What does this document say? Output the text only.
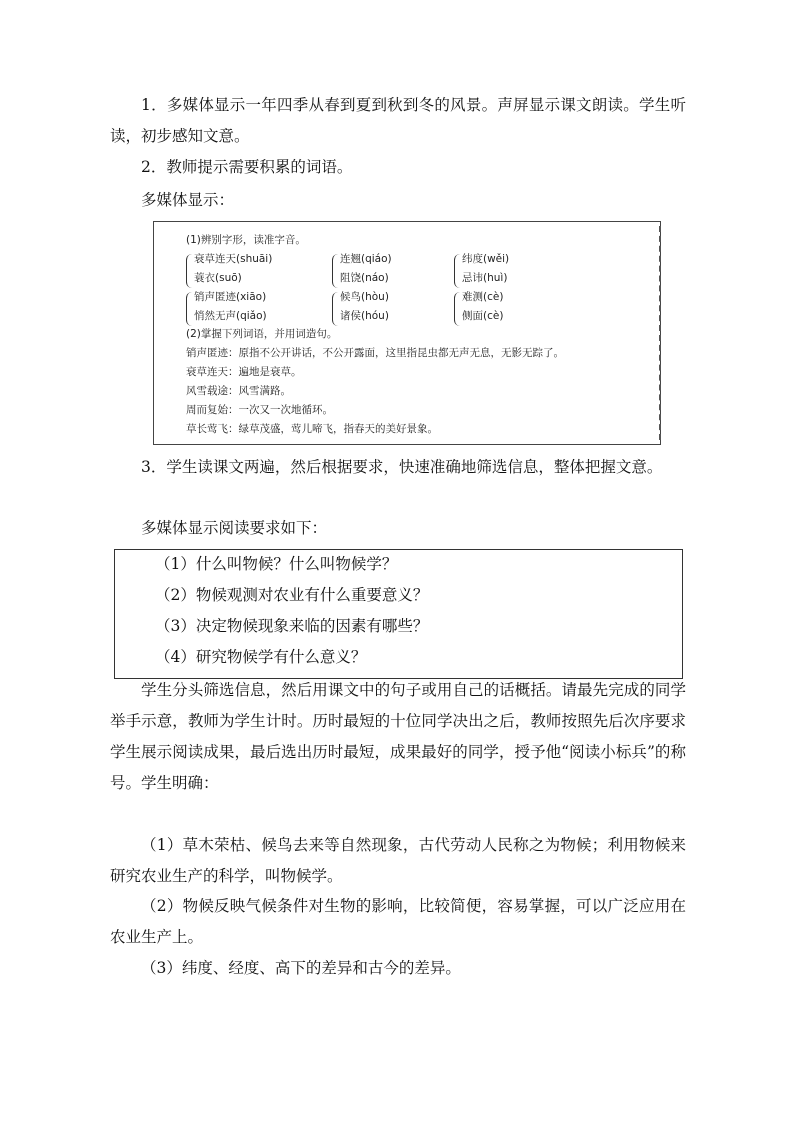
1．多媒体显示一年四季从春到夏到秋到冬的风景。声屏显示课文朗读。学生听读，初步感知文意。

2．教师提示需要积累的词语。

多媒体显示：

(1)辨别字形，读准字音。
衰草连天(shuāi)
蓑衣(suō)
连翘(qiáo)
阻饶(náo)
纬度(wěi)
忌讳(huì)
销声匿迹(xiāo)
悄然无声(qiǎo)
候鸟(hòu)
诸侯(hóu)
难测(cè)
侧面(cè)
(2)掌握下列词语，并用词造句。
销声匿迹：原指不公开讲话，不公开露面，这里指昆虫都无声无息，无影无踪了。
衰草连天：遍地是衰草。
风雪载途：风雪满路。
周而复始：一次又一次地循环。
草长莺飞：绿草茂盛，莺儿啼飞，指春天的美好景象。

3．学生读课文两遍，然后根据要求，快速准确地筛选信息，整体把握文意。

多媒体显示阅读要求如下：

（1）什么叫物候？什么叫物候学？
（2）物候观测对农业有什么重要意义？
（3）决定物候现象来临的因素有哪些？
（4）研究物候学有什么意义？

学生分头筛选信息，然后用课文中的句子或用自己的话概括。请最先完成的同学举手示意，教师为学生计时。历时最短的十位同学决出之后，教师按照先后次序要求学生展示阅读成果，最后选出历时最短，成果最好的同学，授予他“阅读小标兵”的称号。 学生明确：

（1）草木荣枯、候鸟去来等自然现象，古代劳动人民称之为物候；利用物候来研究农业生产的科学，叫物候学。

（2）物候反映气候条件对生物的影响，比较简便，容易掌握，可以广泛应用在农业生产上。

（3）纬度、经度、高下的差异和古今的差异。
